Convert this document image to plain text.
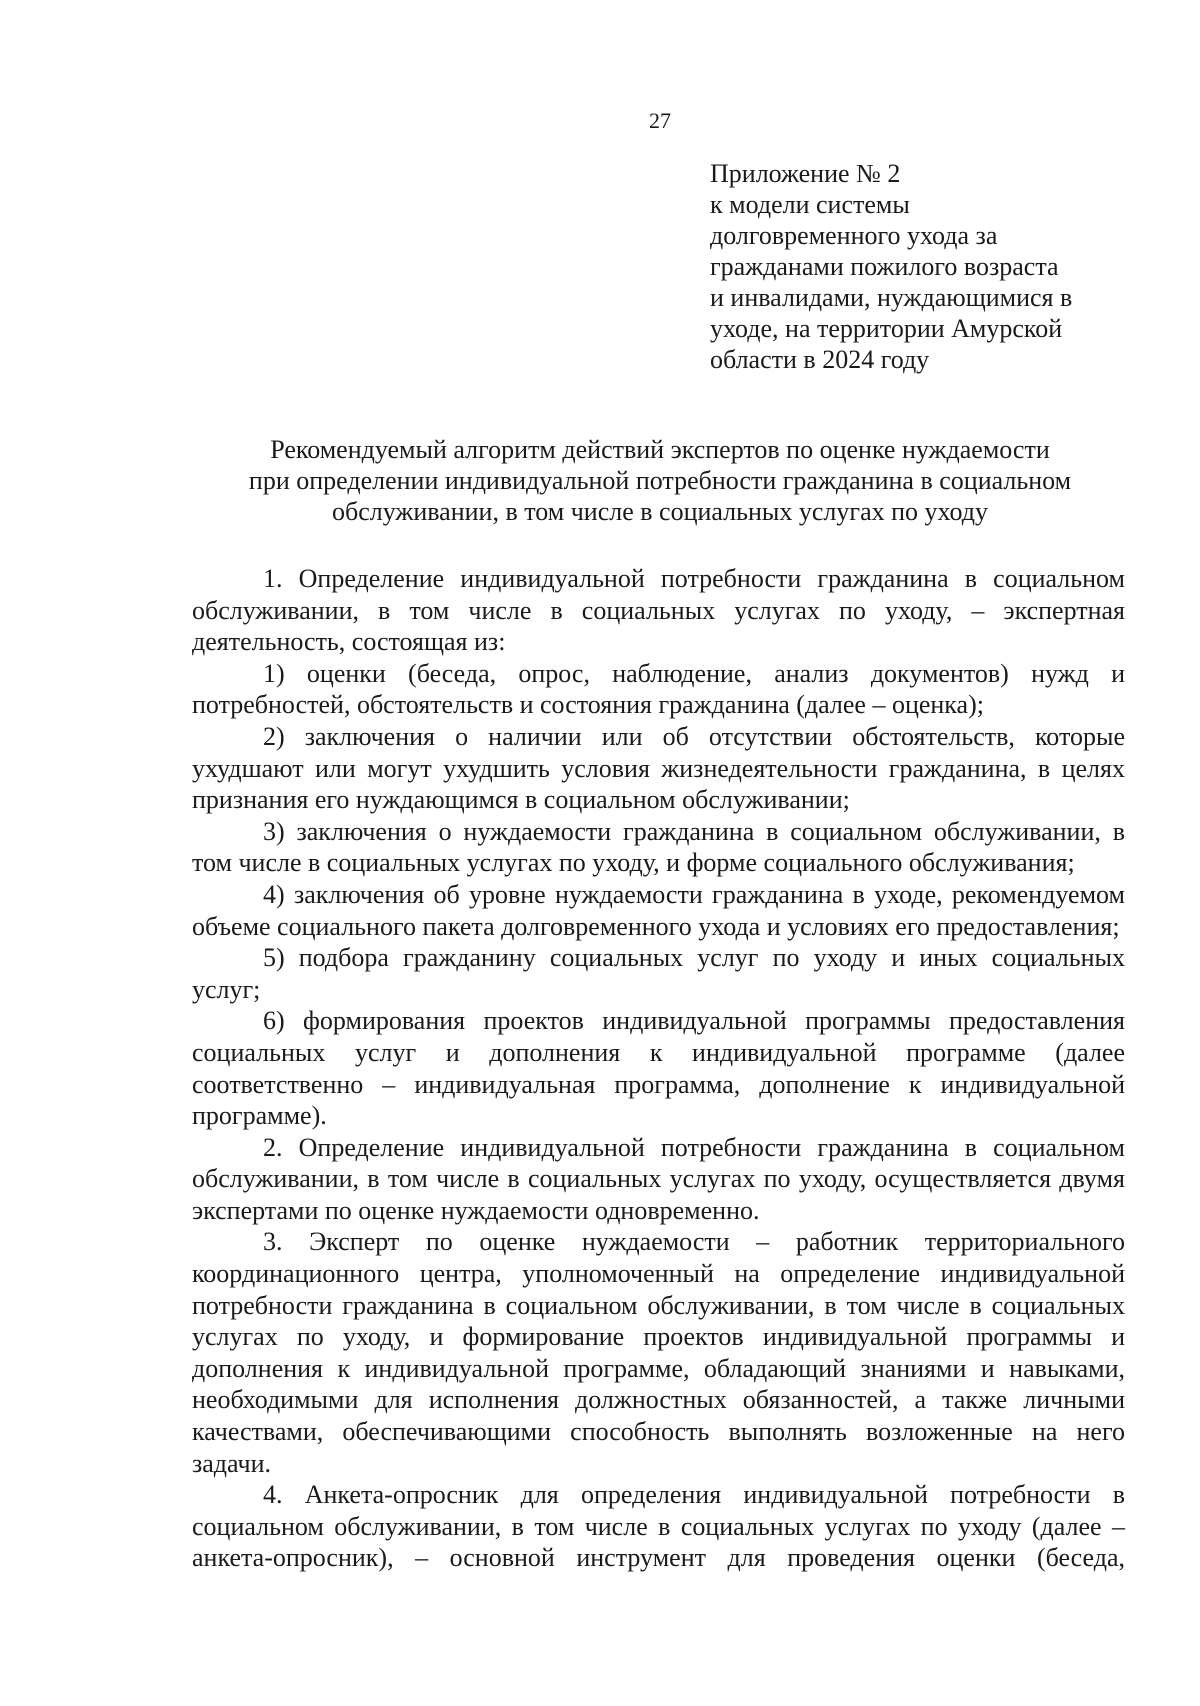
27
Приложение № 2
к модели системы
долговременного ухода за
гражданами пожилого возраста
и инвалидами, нуждающимися в
уходе, на территории Амурской
области в 2024 году
Рекомендуемый алгоритм действий экспертов по оценке нуждаемости
при определении индивидуальной потребности гражданина в социальном
обслуживании, в том числе в социальных услугах по уходу

1. Определение индивидуальной потребности гражданина в социальном обслуживании, в том числе в социальных услугах по уходу, – экспертная деятельность, состоящая из:

1) оценки (беседа, опрос, наблюдение, анализ документов) нужд и потребностей, обстоятельств и состояния гражданина (далее – оценка);

2) заключения о наличии или об отсутствии обстоятельств, которые ухудшают или могут ухудшить условия жизнедеятельности гражданина, в целях признания его нуждающимся в социальном обслуживании;

3) заключения о нуждаемости гражданина в социальном обслуживании, в том числе в социальных услугах по уходу, и форме социального обслуживания;

4) заключения об уровне нуждаемости гражданина в уходе, рекомендуемом объеме социального пакета долговременного ухода и условиях его предоставления;

5) подбора гражданину социальных услуг по уходу и иных социальных услуг;

6) формирования проектов индивидуальной программы предоставления социальных услуг и дополнения к индивидуальной программе (далее соответственно – индивидуальная программа, дополнение к индивидуальной программе).

2. Определение индивидуальной потребности гражданина в социальном обслуживании, в том числе в социальных услугах по уходу, осуществляется двумя экспертами по оценке нуждаемости одновременно.

3. Эксперт по оценке нуждаемости – работник территориального координационного центра, уполномоченный на определение индивидуальной потребности гражданина в социальном обслуживании, в том числе в социальных услугах по уходу, и формирование проектов индивидуальной программы и дополнения к индивидуальной программе, обладающий знаниями и навыками, необходимыми для исполнения должностных обязанностей, а также личными качествами, обеспечивающими способность выполнять возложенные на него задачи.

4. Анкета-опросник для определения индивидуальной потребности в социальном обслуживании, в том числе в социальных услугах по уходу (далее – анкета-опросник), – основной инструмент для проведения оценки (беседа,
